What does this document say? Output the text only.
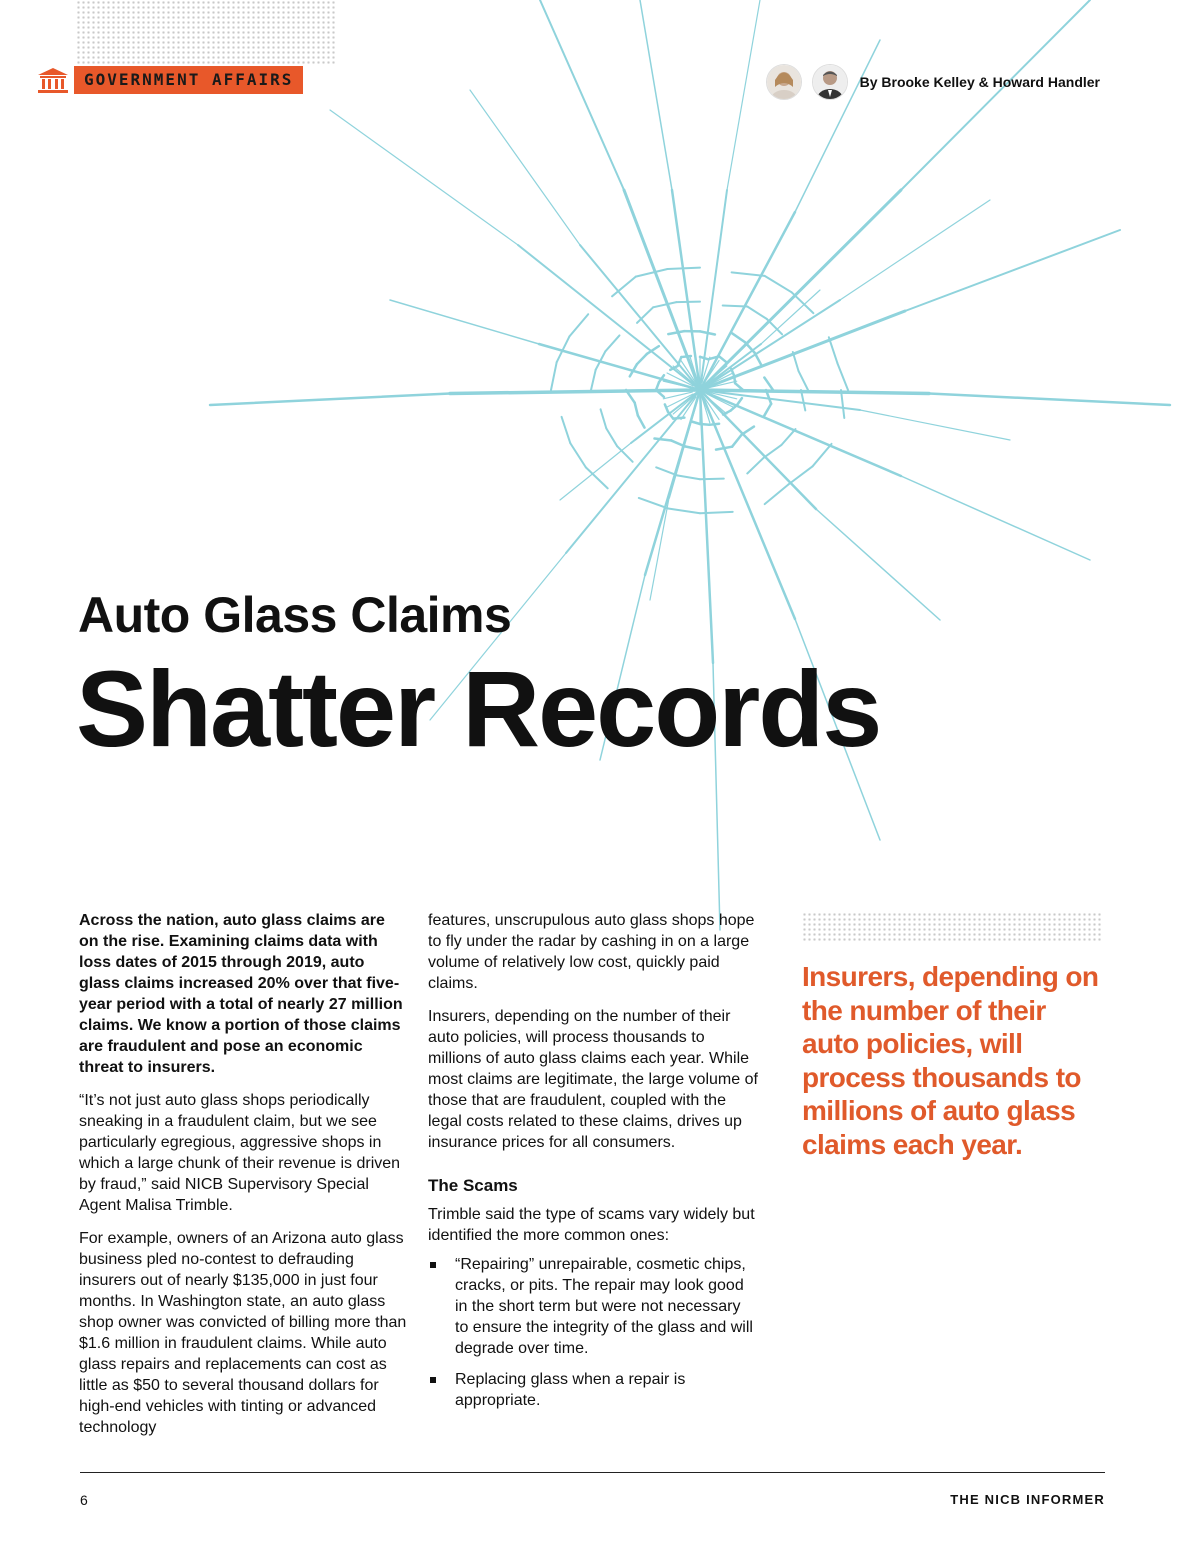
GOVERNMENT AFFAIRS	By Brooke Kelley & Howard Handler
Auto Glass Claims
Shatter Records

Across the nation, auto glass claims are on the rise. Examining claims data with loss dates of 2015 through 2019, auto glass claims increased 20% over that five-year period with a total of nearly 27 million claims. We know a portion of those claims are fraudulent and pose an economic threat to insurers.

“It’s not just auto glass shops periodically sneaking in a fraudulent claim, but we see particularly egregious, aggressive shops in which a large chunk of their revenue is driven by fraud,” said NICB Supervisory Special Agent Malisa Trimble.

For example, owners of an Arizona auto glass business pled no-contest to defrauding insurers out of nearly $135,000 in just four months. In Washington state, an auto glass shop owner was convicted of billing more than $1.6 million in fraudulent claims. While auto glass repairs and replacements can cost as little as $50 to several thousand dollars for high-end vehicles with tinting or advanced technology

features, unscrupulous auto glass shops hope to fly under the radar by cashing in on a large volume of relatively low cost, quickly paid claims.

Insurers, depending on the number of their auto policies, will process thousands to millions of auto glass claims each year. While most claims are legitimate, the large volume of those that are fraudulent, coupled with the legal costs related to these claims, drives up insurance prices for all consumers.

The Scams

Trimble said the type of scams vary widely but identified the more common ones:

“Repairing” unrepairable, cosmetic chips, cracks, or pits. The repair may look good in the short term but were not necessary to ensure the integrity of the glass and will degrade over time.
Replacing glass when a repair is appropriate.
Insurers, depending on the number of their auto policies, will process thousands to millions of auto glass claims each year.
6	THE NICB INFORMER
